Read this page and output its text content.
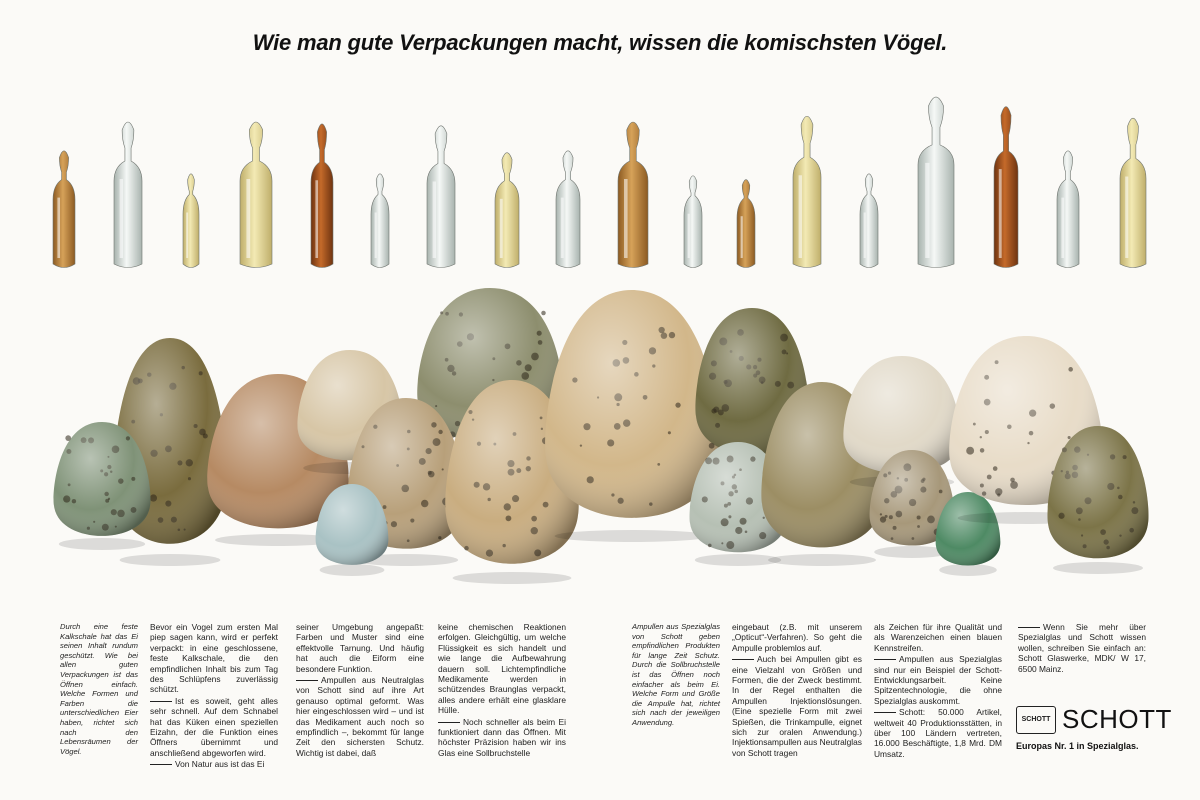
Wie man gute Verpackungen macht, wissen die komischsten Vögel.

Durch eine feste Kalkschale hat das Ei seinen Inhalt rundum geschützt. Wie bei allen guten Verpackungen ist das Öffnen einfach. Welche Formen und Farben die unterschiedlichen Eier haben, richtet sich nach den Lebensräumen der Vögel.

Bevor ein Vogel zum ersten Mal piep sagen kann, wird er perfekt verpackt: in eine geschlossene, feste Kalkschale, die den empfindlichen Inhalt bis zum Tag des Schlüpfens zuverlässig schützt.

Ist es soweit, geht alles sehr schnell. Auf dem Schnabel hat das Küken einen speziellen Eizahn, der die Funktion eines Öffners übernimmt und anschließend abgeworfen wird.

Von Natur aus ist das Ei

seiner Umgebung angepaßt: Farben und Muster sind eine effektvolle Tarnung. Und häufig hat auch die Eiform eine besondere Funktion.

Ampullen aus Neutralglas von Schott sind auf ihre Art genauso optimal geformt. Was hier eingeschlossen wird – und ist das Medikament auch noch so empfindlich –, bekommt für lange Zeit den sichersten Schutz. Wichtig ist dabei, daß

keine chemischen Reaktionen erfolgen. Gleichgültig, um welche Flüssigkeit es sich handelt und wie lange die Aufbewahrung dauern soll. Lichtempfindliche Medikamente werden in schützendes Braunglas verpackt, alles andere erhält eine glasklare Hülle.

Noch schneller als beim Ei funktioniert dann das Öffnen. Mit höchster Präzision haben wir ins Glas eine Sollbruchstelle

Ampullen aus Spezialglas von Schott geben empfindlichen Produkten für lange Zeit Schutz. Durch die Sollbruchstelle ist das Öffnen noch einfacher als beim Ei. Welche Form und Größe die Ampulle hat, richtet sich nach der jeweiligen Anwendung.

eingebaut (z.B. mit unserem „Opticut“-Verfahren). So geht die Ampulle problemlos auf.

Auch bei Ampullen gibt es eine Vielzahl von Größen und Formen, die der Zweck bestimmt. In der Regel enthalten die Ampullen Injektionslösungen. (Eine spezielle Form mit zwei Spießen, die Trinkampulle, eignet sich zur oralen Anwendung.) Injektionsampullen aus Neutralglas von Schott tragen

als Zeichen für ihre Qualität und als Warenzeichen einen blauen Kennstreifen.

Ampullen aus Spezialglas sind nur ein Beispiel der Schott-Entwicklungsarbeit. Keine Spitzentechnologie, die ohne Spezialglas auskommt.

Schott: 50.000 Artikel, weltweit 40 Produktionsstätten, in über 100 Ländern vertreten, 16.000 Beschäftigte, 1,8 Mrd. DM Umsatz.

Wenn Sie mehr über Spezialglas und Schott wissen wollen, schreiben Sie einfach an: Schott Glaswerke, MDK/ W 17, 6500 Mainz.

SCHOTT SCHOTT
Europas Nr. 1 in Spezialglas.
